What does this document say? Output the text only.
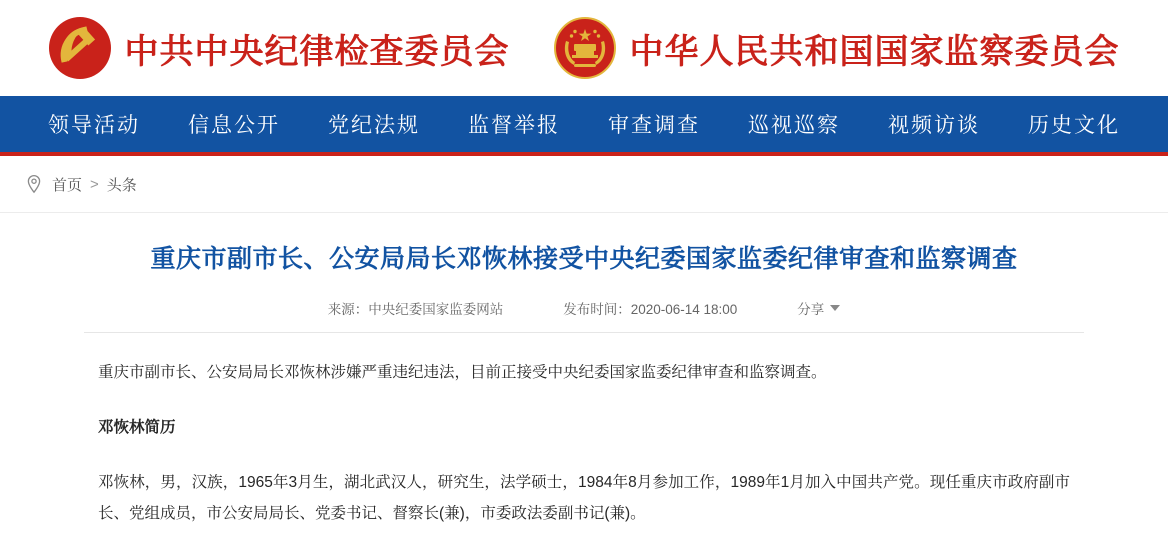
中共中央纪律检查委员会	中华人民共和国国家监察委员会
领导活动	信息公开	党纪法规	监督举报	审查调查	巡视巡察	视频访谈	历史文化
首页 > 头条
重庆市副市长、公安局局长邓恢林接受中央纪委国家监委纪律审查和监察调查
来源：中央纪委国家监委网站	发布时间：2020-06-14 18:00	分享

重庆市副市长、公安局局长邓恢林涉嫌严重违纪违法，目前正接受中央纪委国家监委纪律审查和监察调查。

邓恢林简历

邓恢林，男，汉族，1965年3月生，湖北武汉人，研究生，法学硕士，1984年8月参加工作，1989年1月加入中国共产党。现任重庆市政府副市长、党组成员，市公安局局长、党委书记、督察长(兼)，市委政法委副书记(兼)。
